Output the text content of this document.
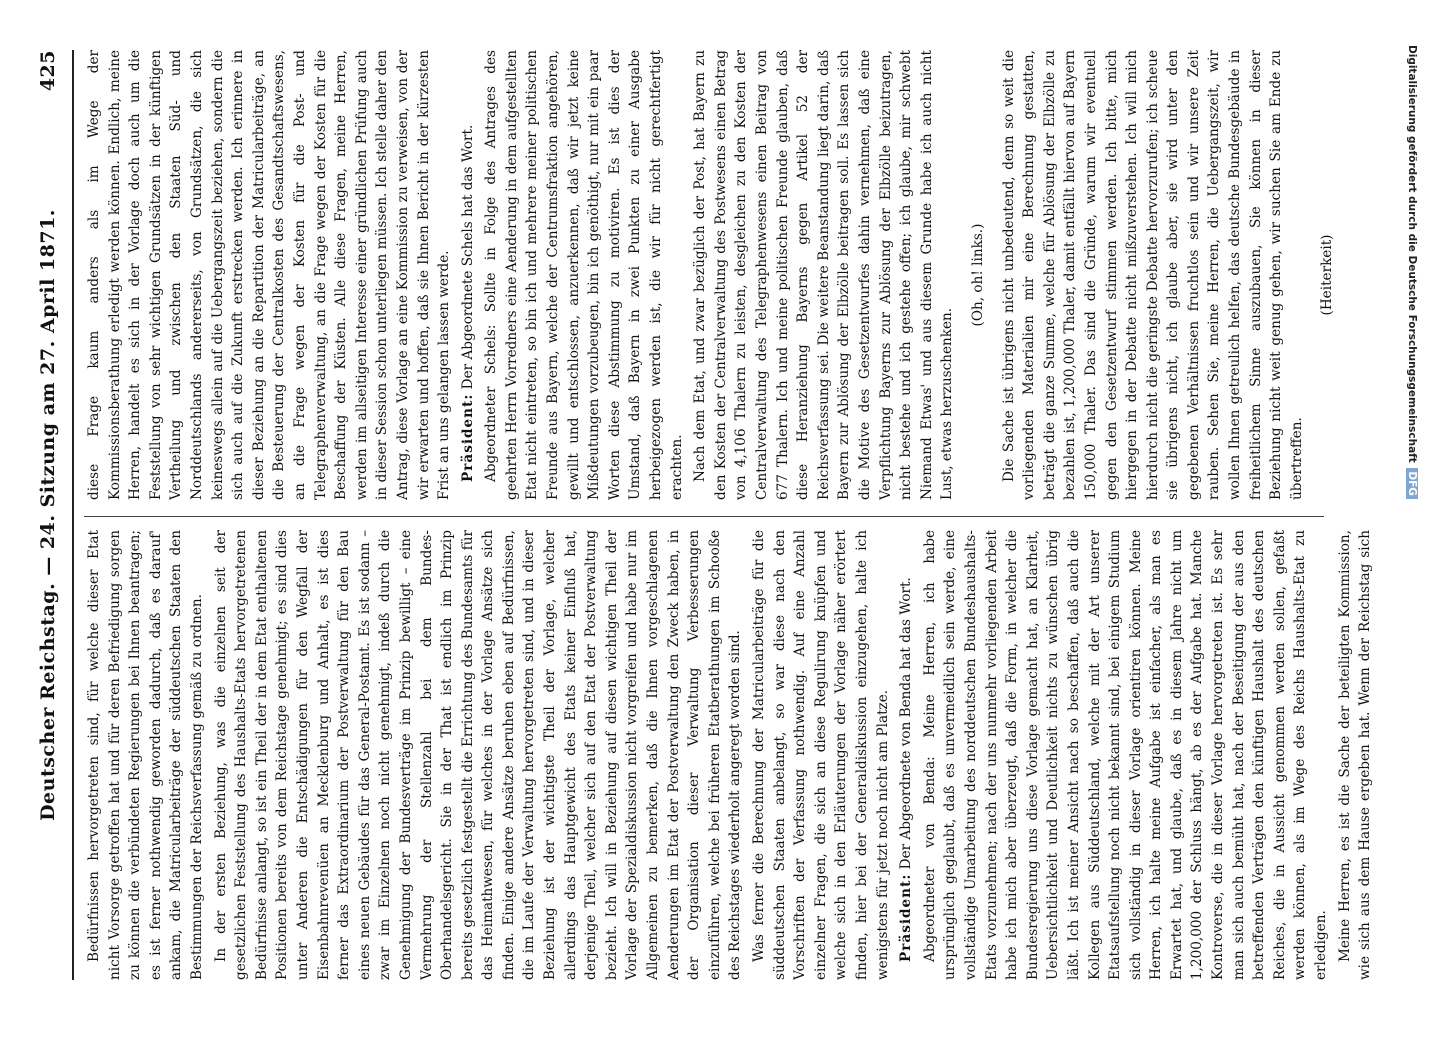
Deutscher Reichstag. — 24. Sitzung am 27. April 1871.
425

Bedürfnissen hervorgetreten sind, für welche dieser Etat nicht Vorsorge getroffen hat und für deren Befriedigung sorgen zu können die verbündeten Regierungen bei Ihnen beantragen; es ist ferner nothwendig geworden dadurch, daß es darauf' ankam, die Matricularbeiträge der süddeutschen Staaten den Bestimmungen der Reichsverfassung gemäß zu ordnen. In der ersten Beziehung, was die einzelnen seit der gesetzlichen Feststellung des Haushalts-Etats hervorgetretenen Bedürfnisse anlangt, so ist ein Theil der in dem Etat enthaltenen Positionen bereits von dem Reichstage genehmigt; es sind dies unter Anderen die Entschädigungen für den Wegfall der Eisenbahnrevenüen an Mecklenburg und Anhalt, es ist dies ferner das Extraordinarium der Postverwaltung für den Bau eines neuen Gebäudes für das General-Postamt. Es ist sodann – zwar im Einzelnen noch nicht genehmigt, indeß durch die Genehmigung der Bundesverträge im Prinzip bewilligt – eine Vermehrung der Stellenzahl bei dem Bundes-Oberhandelsgericht. Sie in der That ist endlich im Prinzip bereits gesetzlich festgestellt die Errichtung des Bundesamts für das Heimathwesen, für welches in der Vorlage Ansätze sich finden. Einige andere Ansätze beruhen eben auf Bedürfnissen, die im Laufe der Verwaltung hervorgetreten sind, und in dieser Beziehung ist der wichtigste Theil der Vorlage, welcher allerdings das Hauptgewicht des Etats keiner Einfluß hat, derjenige Theil, welcher sich auf den Etat der Postverwaltung bezieht. Ich will in Beziehung auf diesen wichtigen Theil der Vorlage der Spezialdiskussion nicht vorgreifen und habe nur im Allgemeinen zu bemerken, daß die Ihnen vorgeschlagenen Aenderungen im Etat der Postverwaltung den Zweck haben, in der Organisation dieser Verwaltung Verbesserungen einzuführen, welche bei früheren Etatberathungen im Schooße des Reichstages wiederholt angeregt worden sind. Was ferner die Berechnung der Matricularbeiträge für die süddeutschen Staaten anbelangt, so war diese nach den Vorschriften der Verfassung nothwendig. Auf eine Anzahl einzelner Fragen, die sich an diese Regulirung knüpfen und welche sich in den Erläuterungen der Vorlage näher erörtert finden, hier bei der Generaldiskussion einzugehen, halte ich wenigstens für jetzt noch nicht am Platze. Präsident: Der Abgeordnete von Benda hat das Wort. Abgeordneter von Benda: Meine Herren, ich habe ursprünglich geglaubt, daß es unvermeidlich sein werde, eine vollständige Umarbeitung des norddeutschen Bundeshaushalts-Etats vorzunehmen; nach der uns nunmehr vorliegenden Arbeit habe ich mich aber überzeugt, daß die Form, in welcher die Bundesregierung uns diese Vorlage gemacht hat, an Klarheit, Uebersichtlichkeit und Deutlichkeit nichts zu wünschen übrig läßt. Ich ist meiner Ansicht nach so beschaffen, daß auch die Kollegen aus Süddeutschland, welche mit der Art unserer Etatsaufstellung noch nicht bekannt sind, bei einigem Studium sich vollständig in dieser Vorlage orientiren können. Meine Herren, ich halte meine Aufgabe ist einfacher, als man es Erwartet hat, und glaube, daß es in diesem Jahre nicht um 1,200,000 der Schluss hängt, ab es der Aufgabe hat. Manche Kontroverse, die in dieser Vorlage hervorgetreten ist. Es sehr man sich auch bemüht hat, nach der Beseitigung der aus den betreffenden Verträgen den künftigen Haushalt des deutschen Reiches, die in Aussicht genommen werden sollen, gefaßt werden können, als im Wege des Reichs Haushalts-Etat zu erledigen. Meine Herren, es ist die Sache der beteiligten Kommission, wie sich aus dem Hause ergeben hat. Wenn der Reichstag sich

diese Frage kaum anders als im Wege der Kommissionsberathung erledigt werden können. Endlich, meine Herren, handelt es sich in der Vorlage doch auch um die Feststellung von sehr wichtigen Grundsätzen in der künftigen Vertheilung und zwischen den Staaten Süd- und Norddeutschlands andererseits, von Grundsätzen, die sich keineswegs allein auf die Uebergangszeit beziehen, sondern die sich auch auf die Zukunft erstrecken werden. Ich erinnere in dieser Beziehung an die Repartition der Matricularbeiträge, an die Besteuerung der Centralkosten des Gesandtschaftswesens, an die Frage wegen der Kosten für die Post- und Telegraphenverwaltung, an die Frage wegen der Kosten für die Beschaffung der Küsten. Alle diese Fragen, meine Herren, werden im allseitigen Interesse einer gründlichen Prüfung auch in dieser Session schon unterliegen müssen. Ich stelle daher den Antrag, diese Vorlage an eine Kommission zu verweisen, von der wir erwarten und hoffen, daß sie Ihnen Bericht in der kürzesten Frist an uns gelangen lassen werde. Präsident: Der Abgeordnete Schels hat das Wort. Abgeordneter Schels: Sollte in Folge des Antrages des geehrten Herrn Vorredners eine Aenderung in dem aufgestellten Etat nicht eintreten, so bin ich und mehrere meiner politischen Freunde aus Bayern, welche der Centrumsfraktion angehören, gewillt und entschlossen, anzuerkennen, daß wir jetzt keine Mißdeutungen vorzubeugen, bin ich genöthigt, nur mit ein paar Worten diese Abstimmung zu motiviren. Es ist dies der Umstand, daß Bayern in zwei Punkten zu einer Ausgabe herbeigezogen werden ist, die wir für nicht gerechtfertigt erachten. Nach dem Etat, und zwar bezüglich der Post, hat Bayern zu den Kosten der Centralverwaltung des Postwesens einen Betrag von 4,106 Thalern zu leisten, desgleichen zu den Kosten der Centralverwaltung des Telegraphenwesens einen Beitrag von 677 Thalern. Ich und meine politischen Freunde glauben, daß diese Heranziehung Bayerns gegen Artikel 52 der Reichsverfassung sei. Die weitere Beanstandung liegt darin, daß Bayern zur Ablösung der Elbzölle beitragen soll. Es lassen sich die Motive des Gesetzentwurfes dahin vernehmen, daß eine Verpflichtung Bayerns zur Ablösung der Elbzölle beizutragen, nicht bestehe und ich gestehe offen; ich glaube, mir schwebt Niemand Etwas' und aus diesem Grunde habe ich auch nicht Lust, etwas herzuschenken.

(Oh, oh! links.) Die Sache ist übrigens nicht unbedeutend, denn so weit die vorliegenden Materialien mir eine Berechnung gestatten, beträgt die ganze Summe, welche für Ablösung der Elbzölle zu bezahlen ist, 1,200,000 Thaler, damit entfällt hiervon auf Bayern 150,000 Thaler. Das sind die Gründe, warum wir eventuell gegen den Gesetzentwurf stimmen werden. Ich bitte, mich hiergegen in der Debatte nicht mißzuverstehen. Ich will mich hierdurch nicht die geringste Debatte hervorzurufen; ich scheue sie übrigens nicht, ich glaube aber, sie wird unter den gegebenen Verhältnissen fruchtlos sein und wir unsere Zeit rauben. Sehen Sie, meine Herren, die Uebergangszeit, wir wollen Ihnen getreulich helfen, das deutsche Bundesgebäude in freiheitlichem Sinne auszubauen, Sie können in dieser Beziehung nicht weit genug gehen, wir suchen Sie am Ende zu übertreffen.

(Heiterkeit)	Digitalisierung gefördert durch die Deutsche Forschungsgemeinschaft DFG
